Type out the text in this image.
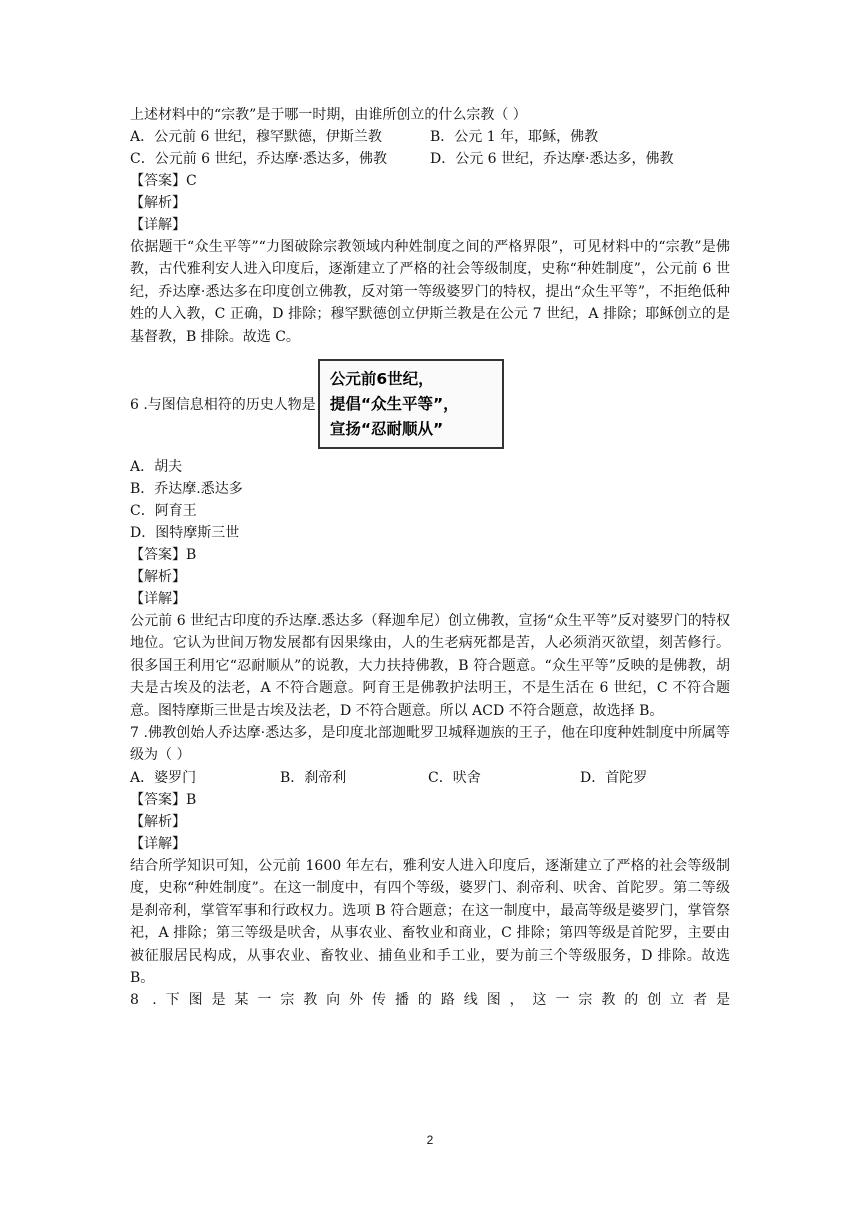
上述材料中的“宗教”是于哪一时期，由谁所创立的什么宗教（ ）
A．公元前 6 世纪，穆罕默德，伊斯兰教	B．公元 1 年，耶稣，佛教
C．公元前 6 世纪，乔达摩·悉达多，佛教	D．公元 6 世纪，乔达摩·悉达多，佛教
【答案】C
【解析】
【详解】
依据题干“众生平等”“力图破除宗教领域内种姓制度之间的严格界限”，可见材料中的“宗教”是佛教，古代雅利安人进入印度后，逐渐建立了严格的社会等级制度，史称“种姓制度”，公元前 6 世纪，乔达摩·悉达多在印度创立佛教，反对第一等级婆罗门的特权，提出“众生平等”，不拒绝低种姓的人入教，C 正确，D 排除；穆罕默德创立伊斯兰教是在公元 7 世纪，A 排除；耶稣创立的是基督教，B 排除。故选 C。
6 .与图信息相符的历史人物是
公元前6世纪，
提倡“众生平等”，
宣扬“忍耐顺从”
A．胡夫
B．乔达摩.悉达多
C．阿育王
D．图特摩斯三世
【答案】B
【解析】
【详解】
公元前 6 世纪古印度的乔达摩.悉达多（释迦牟尼）创立佛教，宣扬“众生平等”反对婆罗门的特权地位。它认为世间万物发展都有因果缘由，人的生老病死都是苦，人必须消灭欲望，刻苦修行。很多国王利用它“忍耐顺从”的说教，大力扶持佛教，B 符合题意。“众生平等”反映的是佛教，胡夫是古埃及的法老，A 不符合题意。阿育王是佛教护法明王，不是生活在 6 世纪，C 不符合题意。图特摩斯三世是古埃及法老，D 不符合题意。所以 ACD 不符合题意，故选择 B。
7 .佛教创始人乔达摩·悉达多，是印度北部迦毗罗卫城释迦族的王子，他在印度种姓制度中所属等级为（ ）
A．婆罗门	B．刹帝利	C．吠舍	D．首陀罗
【答案】B
【解析】
【详解】
结合所学知识可知，公元前 1600 年左右，雅利安人进入印度后，逐渐建立了严格的社会等级制度，史称“种姓制度”。在这一制度中，有四个等级，婆罗门、刹帝利、吠舍、首陀罗。第二等级是刹帝利，掌管军事和行政权力。选项 B 符合题意；在这一制度中，最高等级是婆罗门，掌管祭祀，A 排除；第三等级是吠舍，从事农业、畜牧业和商业，C 排除；第四等级是首陀罗，主要由被征服居民构成，从事农业、畜牧业、捕鱼业和手工业，要为前三个等级服务，D 排除。故选 B。
8 .下图是某一宗教向外传播的路线图，这一宗教的创立者是
2
